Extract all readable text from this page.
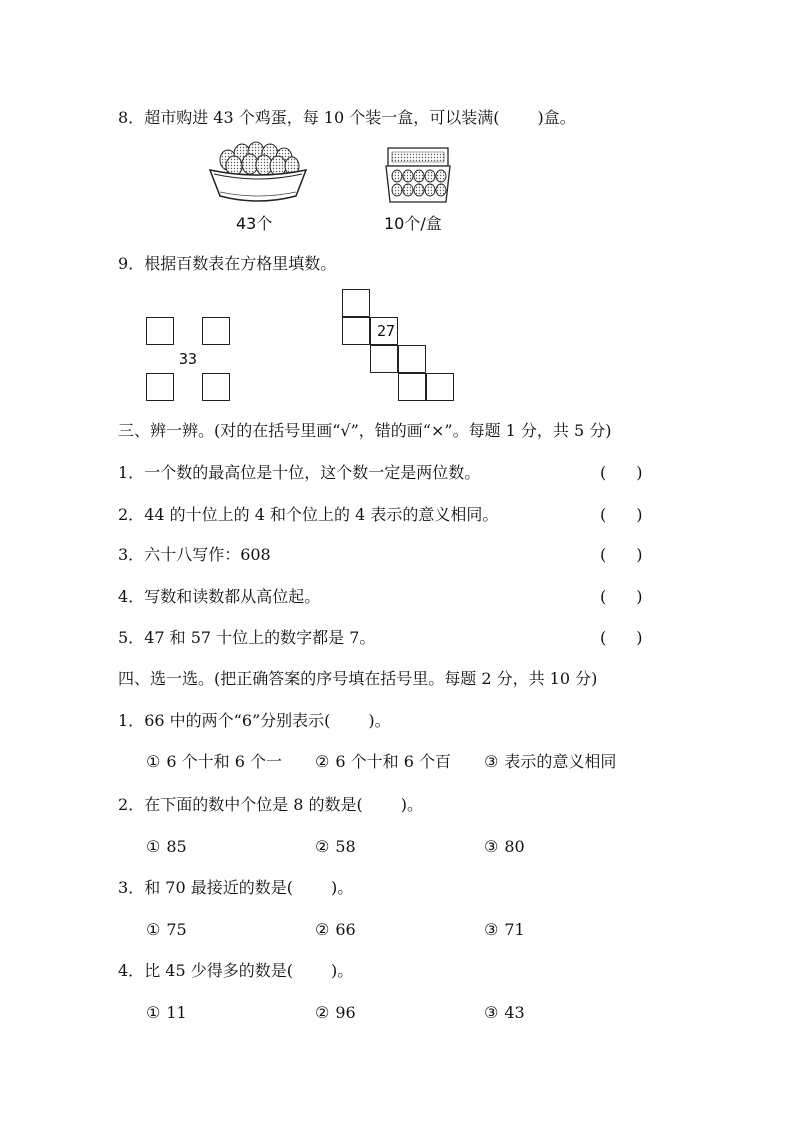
8．超市购进 43 个鸡蛋，每 10 个装一盒，可以装满( )盒。
43个	10个/盒
9．根据百数表在方格里填数。
33
27
三、辨一辨。(对的在括号里画“√”，错的画“×”。每题 1 分，共 5 分)
1．一个数的最高位是十位，这个数一定是两位数。	( )
2．44 的十位上的 4 和个位上的 4 表示的意义相同。	( )
3．六十八写作：608	( )
4．写数和读数都从高位起。	( )
5．47 和 57 十位上的数字都是 7。	( )
四、选一选。(把正确答案的序号填在括号里。每题 2 分，共 10 分)
1．66 中的两个“6”分别表示( )。
① 6 个十和 6 个一 ② 6 个十和 6 个百 ③ 表示的意义相同
2．在下面的数中个位是 8 的数是( )。
① 85	② 58	③ 80
3．和 70 最接近的数是( )。
① 75	② 66	③ 71
4．比 45 少得多的数是( )。
① 11	② 96	③ 43
